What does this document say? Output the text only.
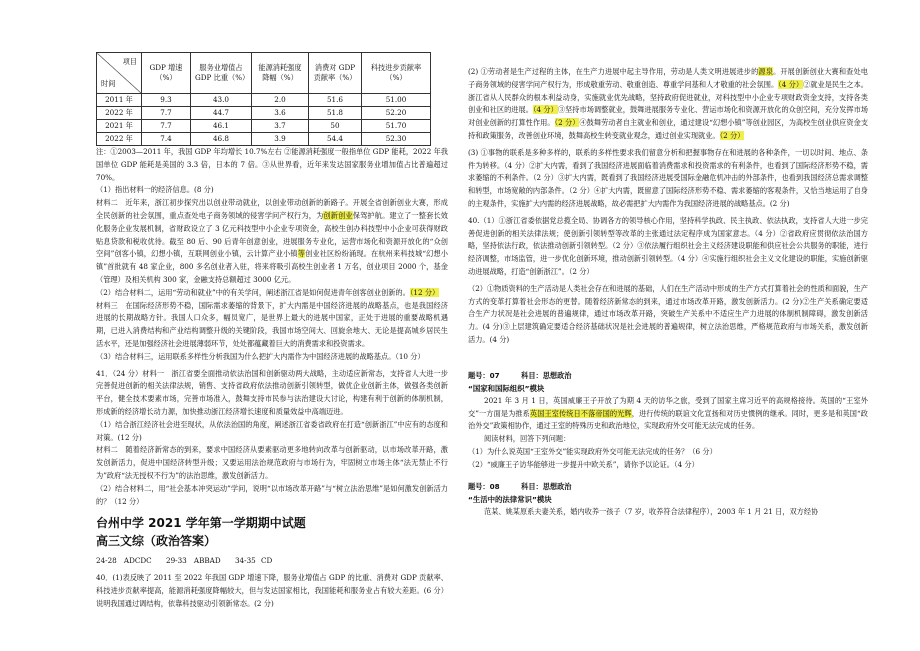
项目
时间	GDP 增速（%）	服务业增值占 GDP 比重（%）	能源消耗强度降幅（%）	消费对 GDP 贡献率（%）	科技进步贡献率（%）
2011 年	9.3	43.0	2.0	51.6	51.00
2022 年	7.7	44.7	3.6	51.8	52.20
2021 年	7.7	46.1	3.7	50	51.70
2022 年	7.4	46.8	3.9	54.4	52.30

注：①2003—2011 年，我国 GDP 年均增长 10.7%左右 ②能源消耗强度一般指单位 GDP 能耗，2022 年我国单位 GDP 能耗是美国的 3.3 倍，日本的 7 倍。③从世界看，近年来发达国家服务业增加值占比普遍超过 70%。

（1）指出材料一的经济信息。(8 分)

材料二　近年来，浙江初步探究出以创业带动就业，以创业带动创新的新路子。开展全省创新创业大赛，形成全民创新的社会氛围，重点查处电子商务领域的侵害学问产权行为，为创新创业保驾护航。建立了一整套长效化服务企业发展机制，省财政设立了 3 亿元科技型中小企业专项资金，高校生创办科技型中小企业可获得财政贴息贷款和税收优待。截至 80 后、90 后青年创意创业，进展服务专业化，运营市场化和资源开放化的“众创空间”创客小镇，幻想小镇，互联网创业小镇，云计算产业小镇等创业社区纷纷涌现。在杭州来科技城“幻想小镇”首批就有 48 家企业，800 多名创业者入驻，将来将吸引高校生创业者 1 万名，创业项目 2000 个，基金（管理）及相关机构 300 家，金融支持总额超过 3000 亿元。

（2）结合材料二，运用“劳动和就业”中的有关学问，阐述浙江省是如何促进青年创客创业创新的。（12 分）

材料三　在国际经济形势不稳，国际需求萎缩的背景下，扩大内需是中国经济进展的战略基点，也是我国经济进展的长期战略方针。我国人口众多，幅员宽广，是世界上最大的进展中国家，正处于进展的重要战略机遇期，已进入消费结构和产业结构调整升级的关键阶段，我国市场空间大、回旋余地大、无论是提高城乡居民生活水平，还是加强经济社会进展薄弱环节，处处都蕴藏着巨大的消费需求和投资需求。

（3）结合材料三，运用联系多样性分析我国为什么把扩大内需作为中国经济进展的战略基点。（10 分）

41．（24 分）材料一　浙江省要全面推动依法治国和创新驱动两大战略，主动适应新常态，支持省人大进一步完善促进创新的相关法律法规，销售、支持省政府依法推动创新引领转型，做优企业创新主体，做强各类创新平台，健全技术要素市场，完善市场准入，鼓舞支持市民参与法治建设大讨论，构建有利于创新的体制机制，形成新的经济增长动力源，加快推动浙江经济增长速度和质量效益中高端迈进。

（1）结合浙江经济社会进至现状，从依法治国的角度，阐述浙江省委省政府在打造“创新浙江”中应有的态度和对策。(12 分)

材料二　随着经济新常态的到来，要求中国经济从要素驱动更多地转向改革与创新驱动，以市场改革开路，激发创新活力，促进中国经济转型升级；又要运用法治规范政府与市场行为，牢固树立市场主体“法无禁止不行为”政府“法无授权不行为”的法治思维，激发创新活力。

（2）结合材料二，用“社会基本冲突运动”学问，说明“以市场改革开路”与“树立法治思维”是如何激发创新活力的？（12 分）

台州中学 2021 学年第一学期期中试题

高三文综（政治答案）

24-28　ADCDC　　29-33　ABBAD　　34-35 CD

40．(1)表反映了 2011 至 2022 年我国 GDP 增速下降，服务业增值占 GDP 的比重、消费对 GDP 贡献率、科技进步贡献率提高，能源消耗强度降幅较大，但与发达国家相比，我国能耗和服务业占有较大差距。(6 分）说明我国通过调结构，依靠科技驱动引领新常态。(2 分)

(2) ①劳动者是生产过程的主体，在生产力进展中起主导作用，劳动是人类文明进展进步的源泉。开展创新创业大赛和查处电子商务领域的侵害学问产权行为，形成敬重劳动、敬重创造、尊重学问基和人才敬重的社会氛围。（4 分）②就业是民生之本。浙江省从人民群众的根本利益动身，实施就业优先战略，坚持政府促进就业，对科技型中小企业专项财政资金支持，支持各类创业和社区的进展。（4 分）③坚持市场调整就业，鼓舞进展服务专业化、营运市场化和资源开放化的众创空间，充分发挥市场对创业创新的打算性作用。（2 分）④鼓舞劳动者自主就业和创业，通过建设“幻想小镇”等创业园区，为高校生创业供应资金支持和政策服务，改善创业环境，鼓舞高校生转变就业观念，通过创业实现就业。（2 分）

(3) ①事物的联系是多种多样的，联系的多样性要求我们留意分析和把握事物存在和进展的各种条件，一切以时间、地点、条件为转移。（4 分）②扩大内需，看到了我国经济进展面临着消费需求和投资需求的有利条件，也看到了国际经济形势不稳，需求萎缩的不利条件。（2 分）③扩大内需，既看到了我国经济进展受国际金融危机冲击的外部条件，也看到我国经济总需求调整和转型，市场宽敞的内部条件。（2 分）④扩大内需，既留意了国际经济形势不稳、需求萎缩的客观条件，又恰当地运用了自身的主观条件，实施扩大内需的经济进展战略，故必需把扩大内需作为我国经济进展的战略基点。(2 分)

40.（1）①浙江省委依据党总揽全局、协调各方的领导核心作用，坚持科学执政、民主执政、依法执政，支持省人大进一步完善促进创新的相关法律法规；使创新引领转型等改革的主张通过法定程序成为国家意志。（4 分）②省政府应贯彻依法治国方略，坚持依法行政，依法推动创新引领转型。（2 分）③依法履行组织社会主义经济建设职能和供应社会公共服务的职能，进行经济调整，市场监管，进一步优化创新环境，推动创新引领转型。（4 分）④实施行组织社会主义文化建设的职能，实施创新驱动进展战略，打造“创新浙江”。（2 分）

（2）①物质资料的生产活动是人类社会存在和进展的基础，人们在生产活动中形成的生产方式打算着社会的性质和面貌，生产方式的变革打算着社会形态的更替。随着经济新常态的到来，通过市场改革开路，激发创新活力。(2 分)②生产关系确定要适合生产力状况是社会进展的普遍规律，通过市场改革开路，突破生产关系中不适应生产力进展的体制机制障碍，激发创新活力。(4 分)③上层建筑确定要适合经济基础状况是社会进展的普遍规律，树立法治思维，严格规范政府与市场关系，激发创新活力。(4 分)

题号：07　　　	科目：思想政治

“国家和国际组织”模块

2021 年 3 月 1 日，英国威廉王子开放了为期 4 天的访华之旅，受到了国家主席习近平的高规格接待。英国的“王室外交”一方面是为推系英国王室传统日不落帝国的光辉，进行传统的联谊文化宣扬和对历史惯例的继承。同时，更多是和英国“政治外交”政策相协作，通过王室的特殊历史和政治地位，实现政府外交可能无法完成的任务。

阅读材料，回答下列问题：

（1）为什么说英国“王室外交”能实现政府外交可能无法完成的任务？（6 分）

（2）“威廉王子访华能够进一步提升中欧关系”，请你予以论证。（4 分）

题号：08　　　	科目：思想政治

“生活中的法律常识”模块

范某、姚某原系夫妻关系，婚内收养一孩子（7 岁，收养符合法律程序），2003 年 1 月 21 日，双方经协
